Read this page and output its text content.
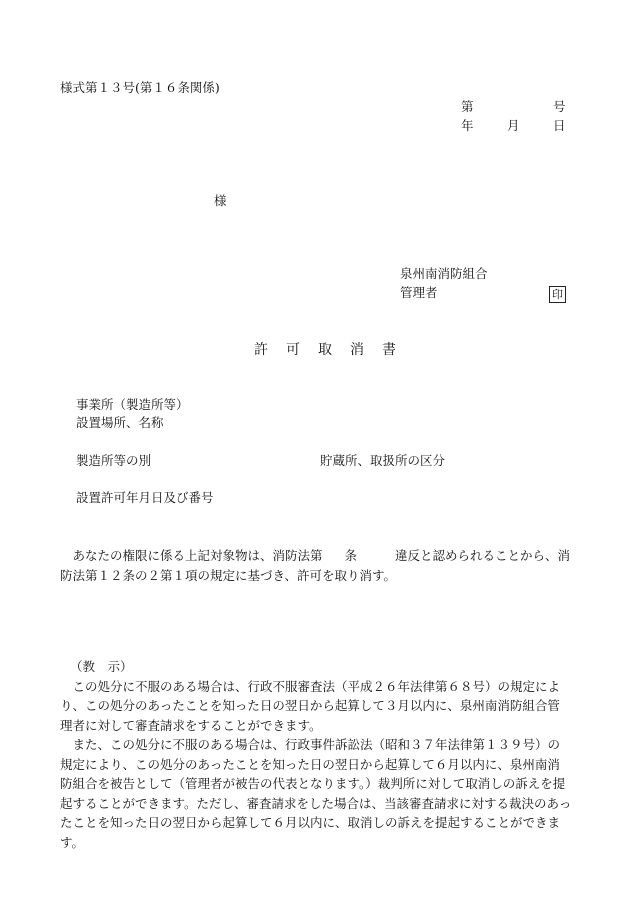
様式第１３号(第１６条関係)
第	号
年	月	日
様
泉州南消防組合
管理者	印
許 可 取 消 書
事業所（製造所等）
設置場所、名称
製造所等の別	貯蔵所、取扱所の区分
設置許可年月日及び番号

あなたの権限に係る上記対象物は、消防法第 条	違反と認められることから、消防法第１２条の２第１項の規定に基づき、許可を取り消す。

（教　示）

この処分に不服のある場合は、行政不服審査法（平成２６年法律第６８号）の規定により、この処分のあったことを知った日の翌日から起算して３月以内に、泉州南消防組合管理者に対して審査請求をすることができます。

また、この処分に不服のある場合は、行政事件訴訟法（昭和３７年法律第１３９号）の規定により、この処分のあったことを知った日の翌日から起算して６月以内に、泉州南消防組合を被告として（管理者が被告の代表となります。）裁判所に対して取消しの訴えを提起することができます。ただし、審査請求をした場合は、当該審査請求に対する裁決のあったことを知った日の翌日から起算して６月以内に、取消しの訴えを提起することができます。
